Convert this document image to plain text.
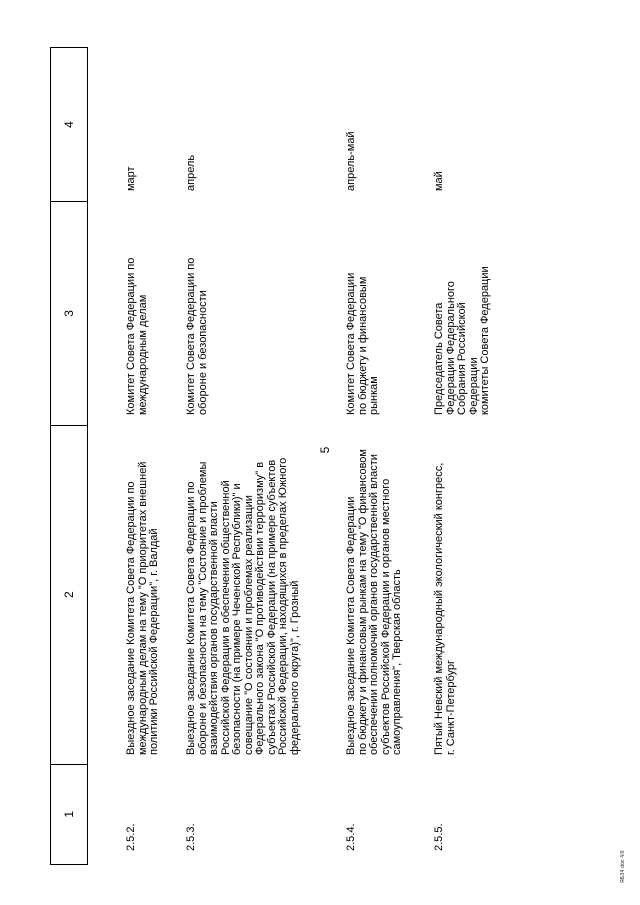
5
1
2
3
4
2.5.2.
Выездное заседание Комитета Совета Федерации по
международным делам на тему "О приоритетах внешней
политики Российской Федерации", г. Валдай
Комитет Совета Федерации по
международным делам
март
2.5.3.
Выездное заседание Комитета Совета Федерации по
обороне и безопасности на тему "Состояние и проблемы
взаимодействия органов государственной власти
Российской Федерации в обеспечении общественной
безопасности (на примере Чеченской Республики)" и
совещание "О состоянии и проблемах реализации
Федерального закона "О противодействии терроризму" в
субъектах Российской Федерации (на примере субъектов
Российской Федерации, находящихся в пределах Южного
федерального округа)", г. Грозный
Комитет Совета Федерации по
обороне и безопасности
апрель
2.5.4.
Выездное заседание Комитета Совета Федерации
по бюджету и финансовым рынкам на тему "О финансовом
обеспечении полномочий органов государственной власти
субъектов Российской Федерации и органов местного
самоуправления", Тверская область
Комитет Совета Федерации
по бюджету и финансовым
рынкам
апрель-май
2.5.5.
Пятый Невский международный экологический конгресс,
г. Санкт-Петербург
Председатель Совета
Федерации Федерального
Собрания Российской
Федерации
комитеты Совета Федерации
май
ЯБЗ4.doc 4/6
